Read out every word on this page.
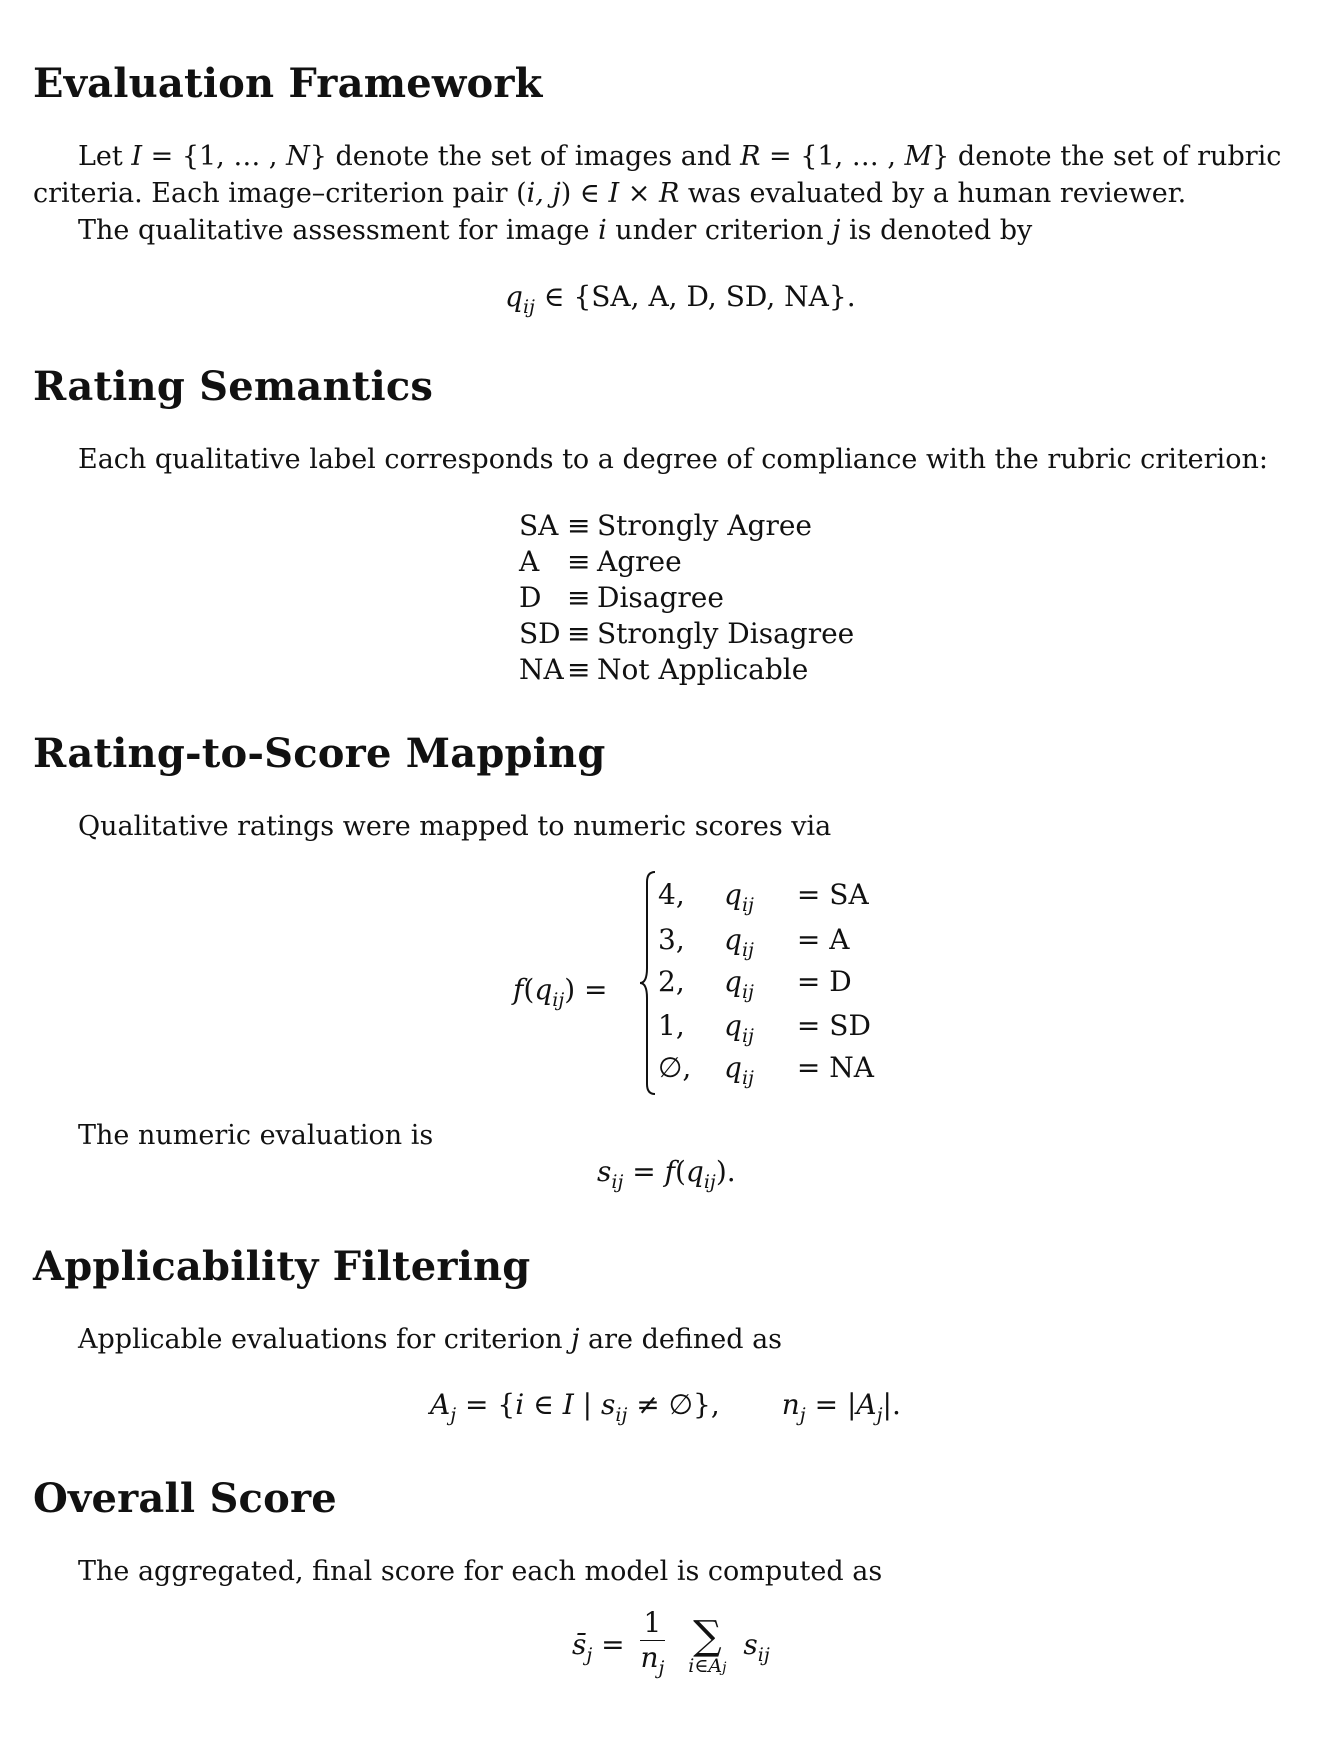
Evaluation Framework
Let I = {1, … , N} denote the set of images and R = {1, … , M} denote the set of rubric criteria. Each image–criterion pair (i, j) ∈ I × R was evaluated by a human reviewer.
The qualitative assessment for image i under criterion j is denoted by
$q_{ij}$ ∈ {SA, A, D, SD, NA}.
Rating Semantics
Each qualitative label corresponds to a degree of compliance with the rubric criterion:
SA ≡ Strongly Agree
A ≡ Agree
D ≡ Disagree
SD ≡ Strongly Disagree
NA ≡ Not Applicable
Rating-to-Score Mapping
Qualitative ratings were mapped to numeric scores via
$f(q_{ij})$ =
4, $q_{ij}$ = SA
3, $q_{ij} = A$
2, $q_{ij} = D$
1, $q_{ij}$ = SD
∅, $q_{ij}$ = NA
The numeric evaluation is
$s_{ij} = f(q_{ij})$.
Applicability Filtering
Applicable evaluations for criterion j are defined as
$A_j = \{i$ ∈ I | $s_{ij}$ ≠ ∅}, $n_j = |A_j|$.
Overall Score
The aggregated, final score for each model is computed as
$s̄_j = \frac{1}{n_j}$
∑
i∈Aj
$s_{ij}$
